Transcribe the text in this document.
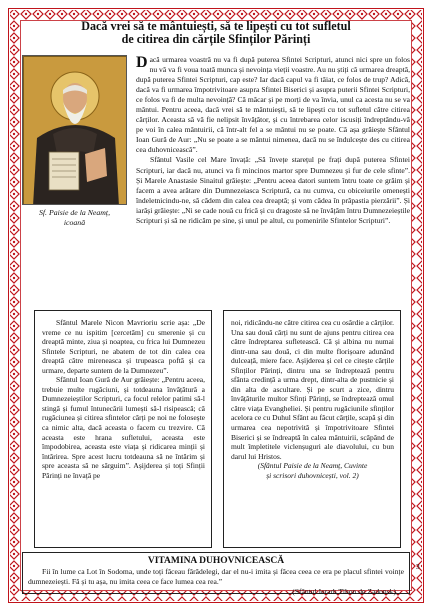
Dacă vrei să te mântuiești, să te lipești cu tot sufletul
de citirea din cărțile Sfinților Părinți
Sf. Paisie de la Neamț,
icoană

Dacă urmarea voastră nu va fi după puterea Sfintei Scripturi, atunci nici spre un folos nu vă va fi voua toată munca și nevoința vieții voastre. Au nu știți că urmarea dreaptă, după puterea Sfintei Scripturi, cap este? Iar dacă capul va fi tăiat, ce folos de trup? Adică, dacă va fi urmarea împotrivitoare asupra Sfintei Biserici și asupra puterii Sfintei Scripturi, ce folos va fi de multa nevoință? Că măcar și pe morți de va învia, unul ca acesta nu se va mântui. Pentru aceea, dacă vrei să te mântuiești, să te lipești cu tot sufletul către citirea cărților. Aceasta să vă fie nelipsit învățător, și cu întrebarea celor iscusiți îndreptându-vă pe voi în calea mântuirii, că într-alt fel a se mântui nu se poate. Că așa grăiește Sfântul Ioan Gură de Aur: „Nu se poate a se mântui nimenea, dacă nu se îndulcește des cu citirea cea duhovnicească”.

Sfântul Vasile cel Mare învață: „Să învețe starețul pe frați după puterea Sfintei Scripturi, iar dacă nu, atunci va fi mincinos martor spre Dumnezeu și fur de cele sfinte”. Și Marele Anastasie Sinaitul grăiește: „Pentru aceea datori suntem întru toate ce grăim și facem a avea arătare din Dumnezeiasca Scriptură, ca nu cumva, cu obiceiurile omenești îndeletnicindu-ne, să cădem din calea cea dreaptă; și vom cădea în prăpastia pierzării”. Și iarăși grăiește: „Ni se cade nouă cu frică și cu dragoste să ne învățăm întru Dumnezeieștile Scripturi și să ne ridicăm pe sine, și unul pe altul, cu pomenirile Sfintelor Scripturi”.

Sfântul Marele Nicon Mavrioriu scrie așa: „De vreme ce nu ispitim [cercetăm] cu smerenie și cu dreaptă minte, ziua și noaptea, cu frica lui Dumnezeu Sfintele Scripturi, ne abatem de tot din calea cea dreaptă către mireneasca și trupeasca poftă și ca urmare, departe suntem de la Dumnezeu”.

Sfântul Ioan Gură de Aur grăiește: „Pentru aceea, trebuie multe rugăciuni, și totdeauna învățătură a Dumnezeieștilor Scripturi, ca focul relelor patimi să-l stingă și fumul întunecării lumești să-l risipească; că rugăciunea și citirea sfintelor cărți pe noi ne folosește ca nimic alta, dacă aceasta o facem cu trezvire. Că aceasta este hrana sufletului, aceasta este împodobirea, aceasta este viața și ridicarea minții și întărirea. Spre acest lucru totdeauna să ne întărim și spre aceasta să ne sârguim”. Așijderea și toți Sfinții Părinți ne învață pe

noi, ridicându-ne către citirea cea cu osârdie a cărților. Una sau două cărți nu sunt de ajuns pentru citirea cea către îndreptarea sufletească. Că și albina nu numai dintr-una sau două, ci din multe florișoare adunând dulceață, miere face. Așijderea și cel ce citește cărțile Sfinților Părinți, dintru una se îndreptează pentru sfânta credință a urma drept, dintr-alta de pustnicie și din alta de ascultare. Și pe scurt a zice, dintru învățăturile multor Sfinți Părinți, se îndreptează omul către viața Evangheliei. Și pentru rugăciunile sfinților acelora ce cu Duhul Sfânt au făcut cărțile, scapă și din urmarea cea nepotrivită și împotrivitoare Sfintei Biserici și se îndreaptă în calea mântuirii, scăpând de mult împletitele viclenșuguri ale diavolului, cu bun darul lui Hristos.

(Sfântul Paisie de la Neamț, Cuvinte
și scrisori duhovnicești, vol. 2)

VITAMINA DUHOVNICEASCĂ

Fii în lume ca Lot în Sodoma, unde toți făceau fărădelegi, dar el nu-i imita și făcea ceea ce era pe placul sfintei voințe dumnezeiești. Fă și tu așa, nu imita ceea ce face lumea cea rea.”

(Sfântul Ierarh Tihon de Zadonsk)
3
